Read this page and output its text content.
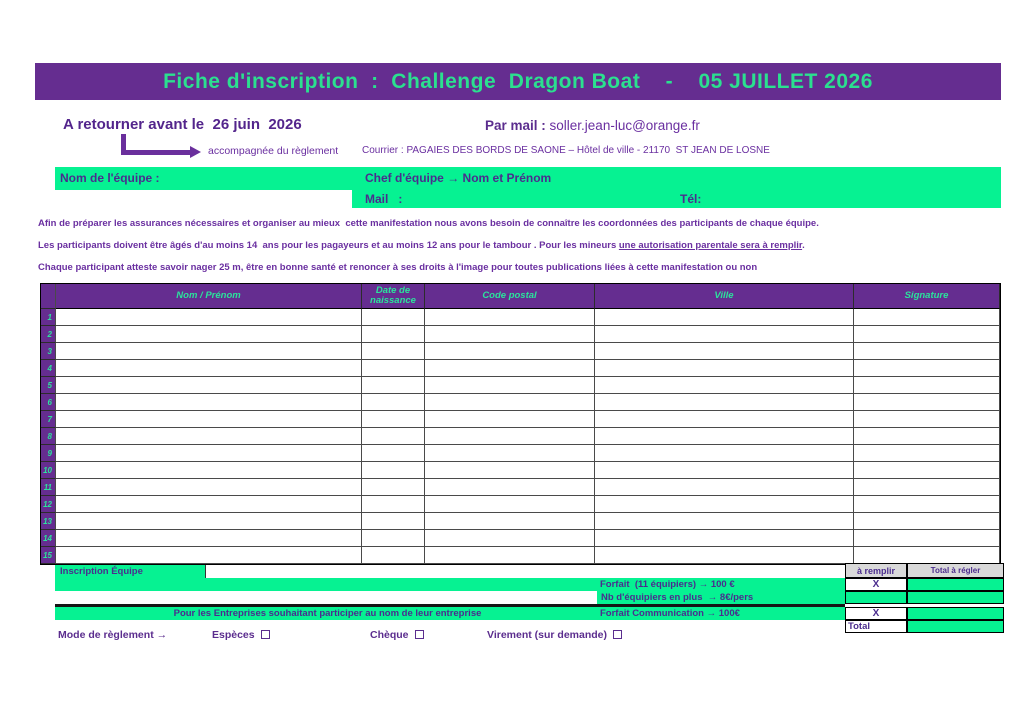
Fiche d'inscription  :  Challenge  Dragon Boat    -    05 JUILLET 2026
A retourner avant le  26 juin  2026
accompagnée du règlement
Par mail : soller.jean-luc@orange.fr
Courrier : PAGAIES DES BORDS DE SAONE – Hôtel de ville - 21170  ST JEAN DE LOSNE
Nom de l'équipe :	Chef d'équipe → Nom et Prénom
Mail   :	Tél:
Afin de préparer les assurances nécessaires et organiser au mieux  cette manifestation nous avons besoin de connaître les coordonnées des participants de chaque équipe.
Les participants doivent être âgés d'au moins 14  ans pour les pagayeurs et au moins 12 ans pour le tambour . Pour les mineurs une autorisation parentale sera à remplir.
Chaque participant atteste savoir nager 25 m, être en bonne santé et renoncer à ses droits à l'image pour toutes publications liées à cette manifestation ou non
Nom / Prénom	Date de naissance	Code postal	Ville	Signature
1
2
3
4
5
6
7
8
9
10
11
12
13
14
15
Inscription Équipe	à remplir	Total à régler
Forfait  (11 équipiers) → 100 €	X
Nb d'équipiers en plus  → 8€/pers
Pour les Entreprises souhaitant participer au nom de leur entreprise	Forfait Communication → 100€	X
Total
Mode de règlement →	Espèces	Chèque	Virement (sur demande)
